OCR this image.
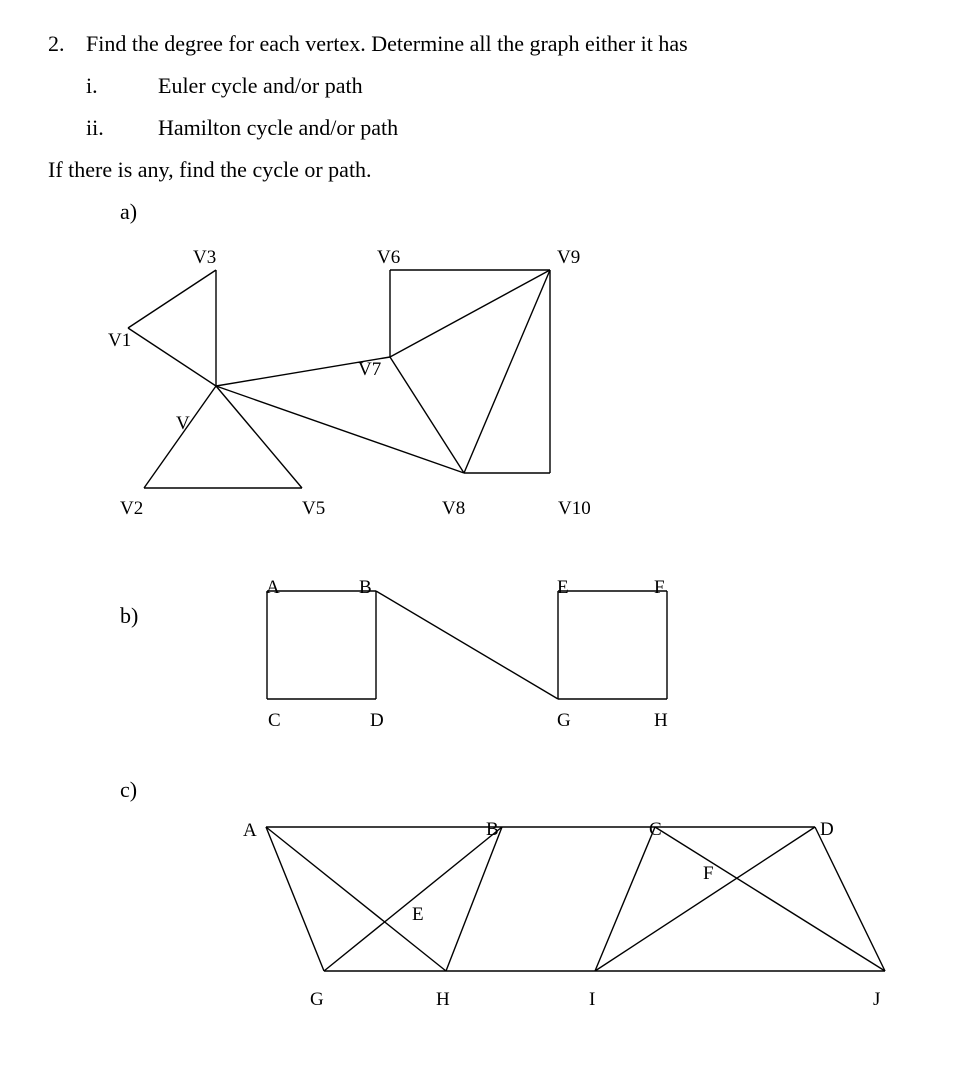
2. Find the degree for each vertex. Determine all the graph either it has
i.	Euler cycle and/or path
ii. Hamilton cycle and/or path
If there is any, find the cycle or path.
a)
V3	V6	V9
V1
V7
V
V2	V5	V8	V10
b)
A	B	E	F
C	D	G	H
c)
A	B	C	D
F
E
G	H	I	J
